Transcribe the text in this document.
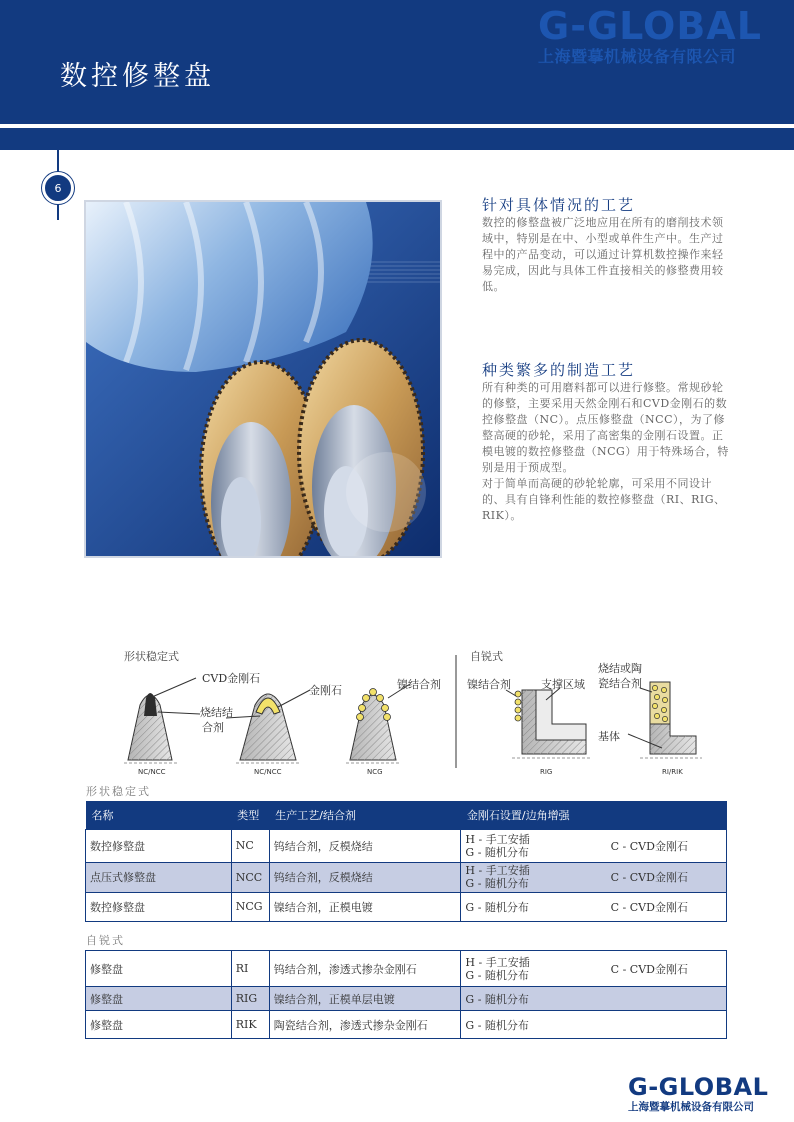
数控修整盘
G-GLOBAL
上海暨摹机械设备有限公司
6
针对具体情况的工艺

数控的修整盘被广泛地应用在所有的磨削技术领域中，特别是在中、小型或单件生产中。生产过程中的产品变动，可以通过计算机数控操作来轻易完成，因此与具体工件直接相关的修整费用较低。

种类繁多的制造工艺

所有种类的可用磨料都可以进行修整。常规砂轮的修整，主要采用天然金刚石和CVD金刚石的数控修整盘（NC）。点压修整盘（NCC），为了修整高硬的砂轮，采用了高密集的金刚石设置。正模电镀的数控修整盘（NCG）用于特殊场合，特别是用于预成型。

对于简单而高硬的砂轮轮廓，可采用不同设计的、具有自锋利性能的数控修整盘（RI、RIG、RIK）。

形状稳定式	自锐式
CVD金刚石
烧结结
合剂
金刚石	镍结合剂 镍结合剂	支撑区域
烧结或陶
瓷结合剂
基体
NC/NCC	NC/NCC	NCG	RIG	RI/RIK
形状稳定式
名称	类型	生产工艺/结合剂	金刚石设置/边角增强	
数控修整盘	NC	钨结合剂，反模烧结	H - 手工安插
G - 随机分布	C - CVD金刚石
点压式修整盘	NCC	钨结合剂，反模烧结	H - 手工安插
G - 随机分布	C - CVD金刚石
数控修整盘	NCG	镍结合剂，正模电镀	G - 随机分布	C - CVD金刚石
自锐式
修整盘	RI	钨结合剂，渗透式掺杂金刚石	H - 手工安插
G - 随机分布	C - CVD金刚石
修整盘	RIG	镍结合剂，正模单层电镀	G - 随机分布	
修整盘	RIK	陶瓷结合剂，渗透式掺杂金刚石	G - 随机分布	
G-GLOBAL
上海暨摹机械设备有限公司
